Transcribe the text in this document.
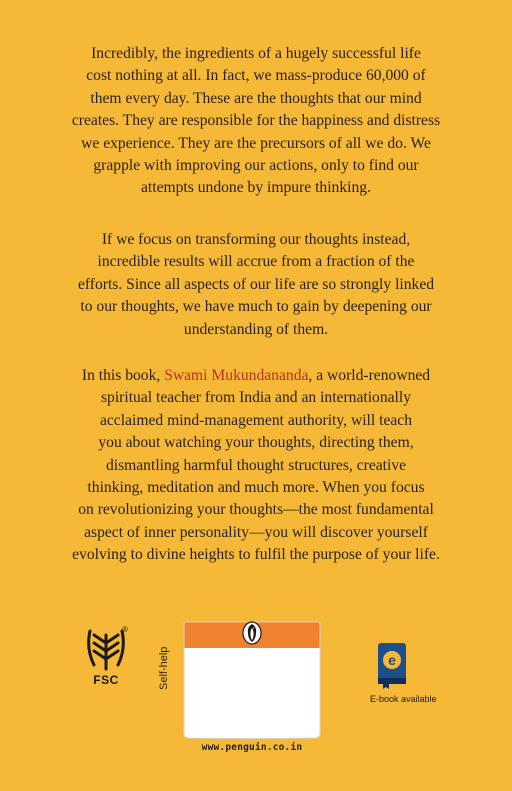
Incredibly, the ingredients of a hugely successful life
cost nothing at all. In fact, we mass-produce 60,000 of
them every day. These are the thoughts that our mind
creates. They are responsible for the happiness and distress
we experience. They are the precursors of all we do. We
grapple with improving our actions, only to find our
attempts undone by impure thinking.

If we focus on transforming our thoughts instead,
incredible results will accrue from a fraction of the
efforts. Since all aspects of our life are so strongly linked
to our thoughts, we have much to gain by deepening our
understanding of them.

In this book, Swami Mukundananda, a world-renowned
spiritual teacher from India and an internationally
acclaimed mind-management authority, will teach
you about watching your thoughts, directing them,
dismantling harmful thought structures, creative
thinking, meditation and much more. When you focus
on revolutionizing your thoughts—the most fundamental
aspect of inner personality—you will discover yourself
evolving to divine heights to fulfil the purpose of your life.

®
FSC	Self-help
www.penguin.co.in
e
E-book available
